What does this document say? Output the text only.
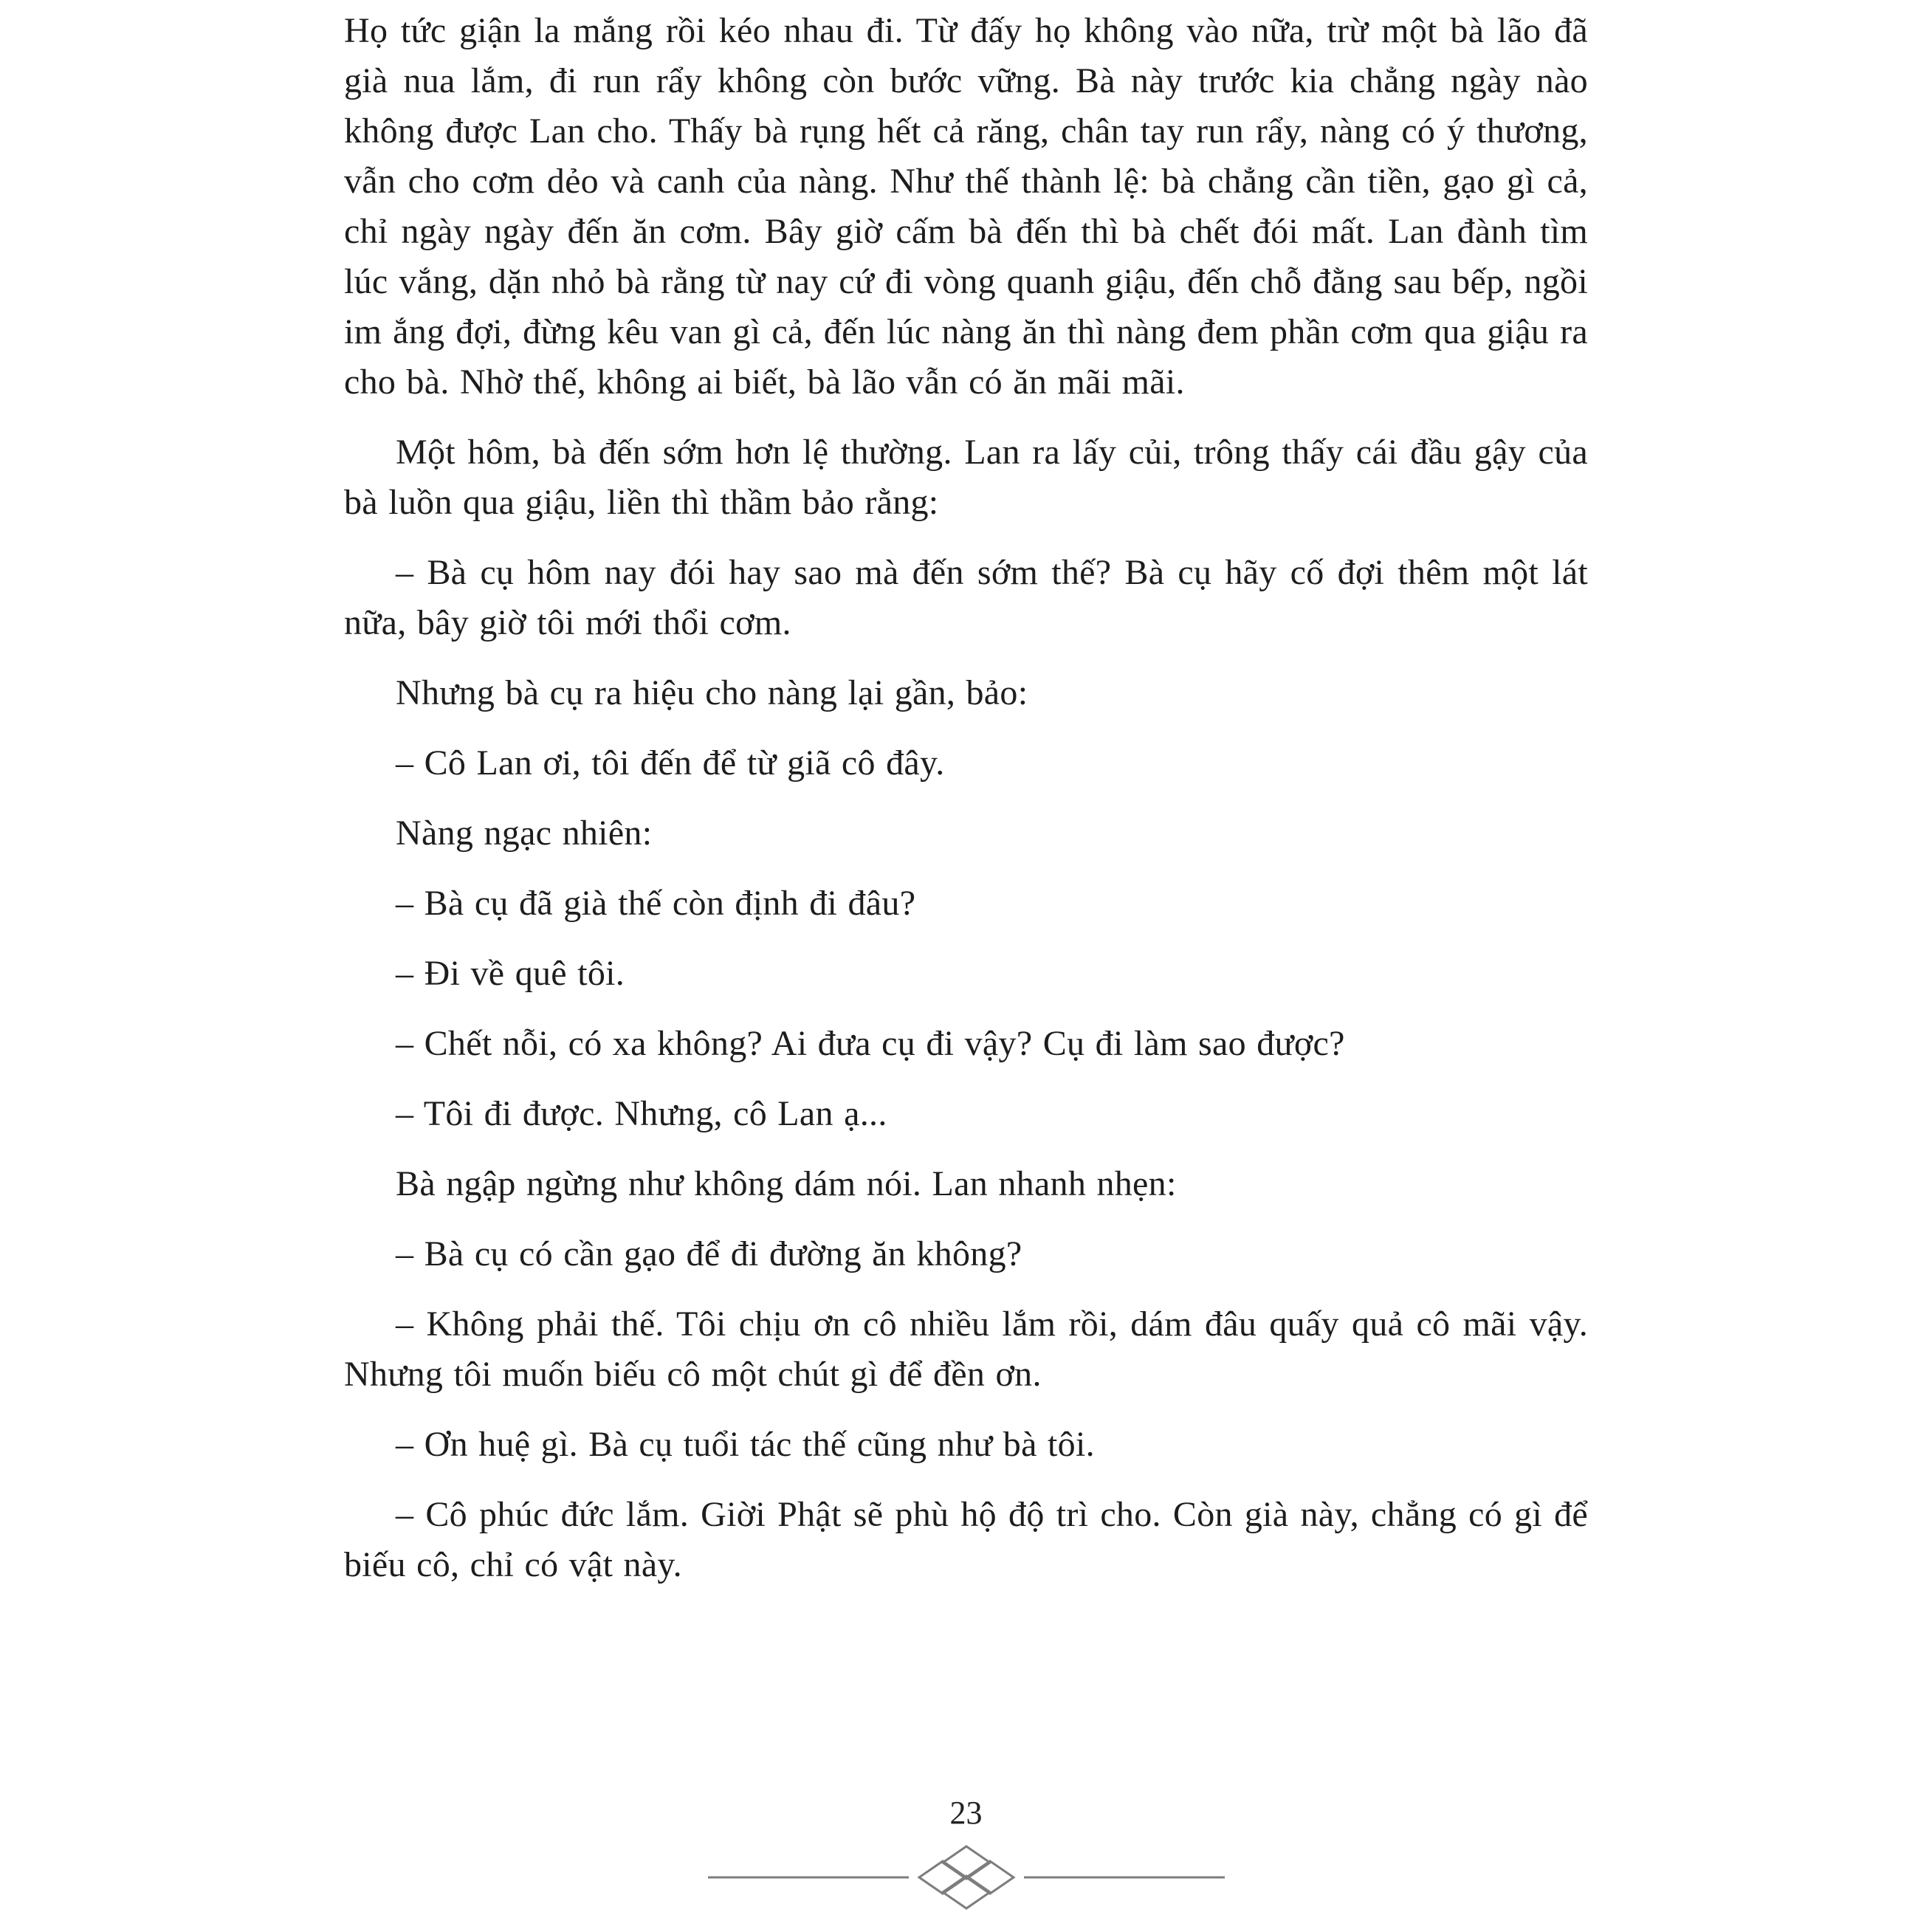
Họ tức giận la mắng rồi kéo nhau đi. Từ đấy họ không vào nữa, trừ một bà lão đã già nua lắm, đi run rẩy không còn bước vững. Bà này trước kia chẳng ngày nào không được Lan cho. Thấy bà rụng hết cả răng, chân tay run rẩy, nàng có ý thương, vẫn cho cơm dẻo và canh của nàng. Như thế thành lệ: bà chẳng cần tiền, gạo gì cả, chỉ ngày ngày đến ăn cơm. Bây giờ cấm bà đến thì bà chết đói mất. Lan đành tìm lúc vắng, dặn nhỏ bà rằng từ nay cứ đi vòng quanh giậu, đến chỗ đằng sau bếp, ngồi im ắng đợi, đừng kêu van gì cả, đến lúc nàng ăn thì nàng đem phần cơm qua giậu ra cho bà. Nhờ thế, không ai biết, bà lão vẫn có ăn mãi mãi.

Một hôm, bà đến sớm hơn lệ thường. Lan ra lấy củi, trông thấy cái đầu gậy của bà luồn qua giậu, liền thì thầm bảo rằng:

– Bà cụ hôm nay đói hay sao mà đến sớm thế? Bà cụ hãy cố đợi thêm một lát nữa, bây giờ tôi mới thổi cơm.

Nhưng bà cụ ra hiệu cho nàng lại gần, bảo:

– Cô Lan ơi, tôi đến để từ giã cô đây.

Nàng ngạc nhiên:

– Bà cụ đã già thế còn định đi đâu?

– Đi về quê tôi.

– Chết nỗi, có xa không? Ai đưa cụ đi vậy? Cụ đi làm sao được?

– Tôi đi được. Nhưng, cô Lan ạ...

Bà ngập ngừng như không dám nói. Lan nhanh nhẹn:

– Bà cụ có cần gạo để đi đường ăn không?

– Không phải thế. Tôi chịu ơn cô nhiều lắm rồi, dám đâu quấy quả cô mãi vậy. Nhưng tôi muốn biếu cô một chút gì để đền ơn.

– Ơn huệ gì. Bà cụ tuổi tác thế cũng như bà tôi.

– Cô phúc đức lắm. Giời Phật sẽ phù hộ độ trì cho. Còn già này, chẳng có gì để biếu cô, chỉ có vật này.

23
